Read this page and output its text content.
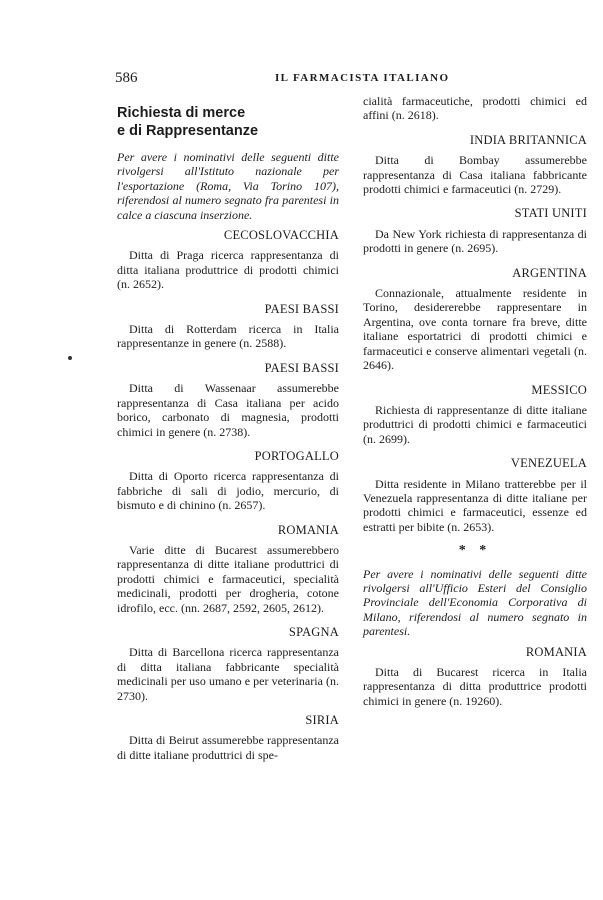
586	IL FARMACISTA ITALIANO
Richiesta di merce
e di Rappresentanze
Per avere i nominativi delle seguenti ditte rivolgersi all'Istituto nazionale per l'esportazione (Roma, Via Torino 107), riferendosi al numero segnato fra parentesi in calce a ciascuna inserzione.
CECOSLOVACCHIA
Ditta di Praga ricerca rappresentanza di ditta italiana produttrice di prodotti chimici (n. 2652).
PAESI BASSI
Ditta di Rotterdam ricerca in Italia rappresentanze in genere (n. 2588).
PAESI BASSI
Ditta di Wassenaar assumerebbe rappresentanza di Casa italiana per acido borico, carbonato di magnesia, prodotti chimici in genere (n. 2738).
PORTOGALLO
Ditta di Oporto ricerca rappresentanza di fabbriche di sali di jodio, mercurio, di bismuto e di chinino (n. 2657).
ROMANIA
Varie ditte di Bucarest assumerebbero rappresentanza di ditte italiane produttrici di prodotti chimici e farmaceutici, specialità medicinali, prodotti per drogheria, cotone idrofilo, ecc. (nn. 2687, 2592, 2605, 2612).
SPAGNA
Ditta di Barcellona ricerca rappresentanza di ditta italiana fabbricante specialità medicinali per uso umano e per veterinaria (n. 2730).
SIRIA
Ditta di Beirut assumerebbe rappresentanza di ditte italiane produttrici di spe-
cialità farmaceutiche, prodotti chimici ed affini (n. 2618).
INDIA BRITANNICA
Ditta di Bombay assumerebbe rappresentanza di Casa italiana fabbricante prodotti chimici e farmaceutici (n. 2729).
STATI UNITI
Da New York richiesta di rappresentanza di prodotti in genere (n. 2695).
ARGENTINA
Connazionale, attualmente residente in Torino, desidererebbe rappresentare in Argentina, ove conta tornare fra breve, ditte italiane esportatrici di prodotti chimici e farmaceutici e conserve alimentari vegetali (n. 2646).
MESSICO
Richiesta di rappresentanze di ditte italiane produttrici di prodotti chimici e farmaceutici (n. 2699).
VENEZUELA
Ditta residente in Milano tratterebbe per il Venezuela rappresentanza di ditte italiane per prodotti chimici e farmaceutici, essenze ed estratti per bibite (n. 2653).
* *
Per avere i nominativi delle seguenti ditte rivolgersi all'Ufficio Esteri del Consiglio Provinciale dell'Economia Corporativa di Milano, riferendosi al numero segnato in parentesi.
ROMANIA
Ditta di Bucarest ricerca in Italia rappresentanza di ditta produttrice prodotti chimici in genere (n. 19260).
